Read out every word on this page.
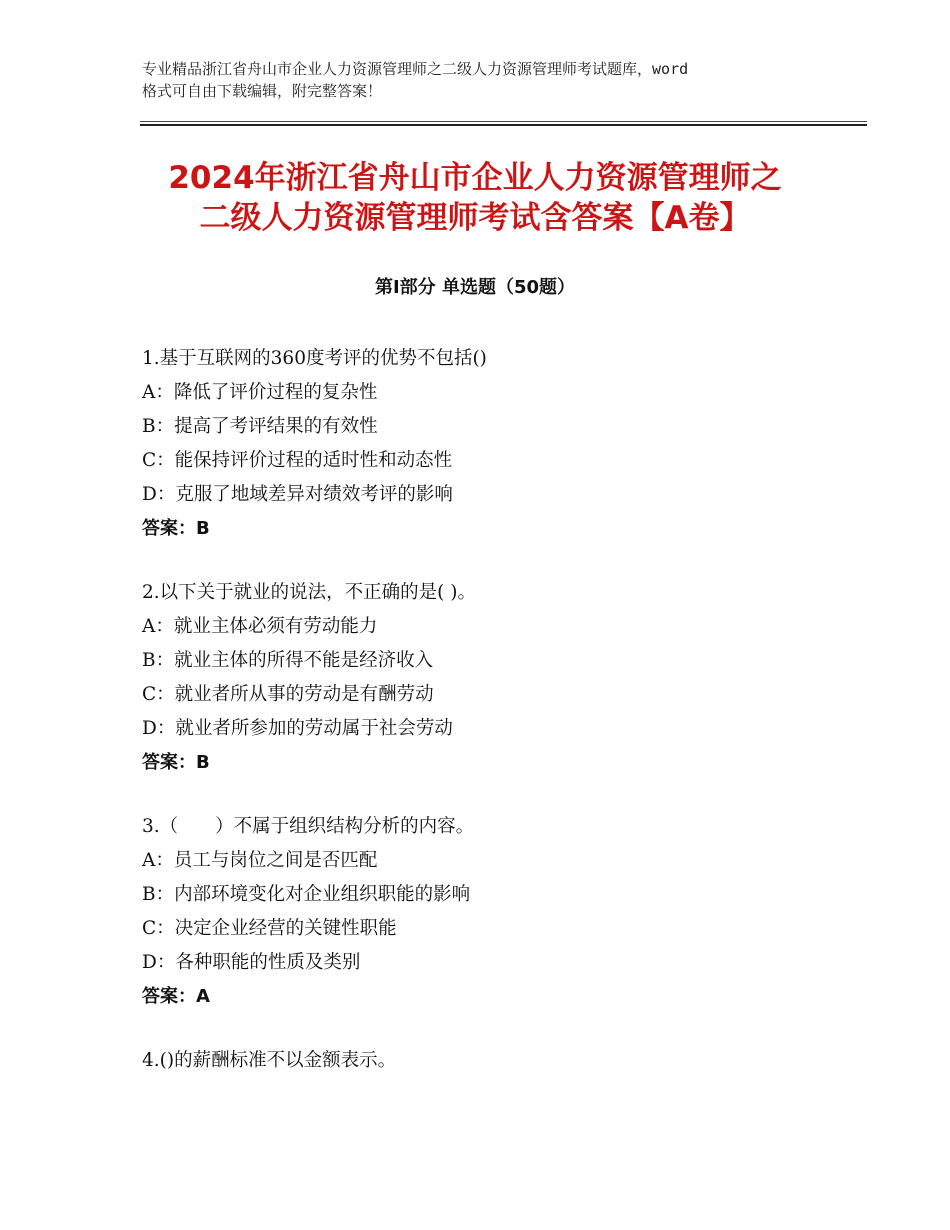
专业精品浙江省舟山市企业人力资源管理师之二级人力资源管理师考试题库，word

格式可自由下载编辑，附完整答案！

2024年浙江省舟山市企业人力资源管理师之
二级人力资源管理师考试含答案【A卷】
第Ⅰ部分 单选题（50题）
1.基于互联网的360度考评的优势不包括()
A：降低了评价过程的复杂性
B：提高了考评结果的有效性
C：能保持评价过程的适时性和动态性
D：克服了地域差异对绩效考评的影响
答案：B
2.以下关于就业的说法，不正确的是( )。
A：就业主体必须有劳动能力
B：就业主体的所得不能是经济收入
C：就业者所从事的劳动是有酬劳动
D：就业者所参加的劳动属于社会劳动
答案：B
3.（　　）不属于组织结构分析的内容。
A：员工与岗位之间是否匹配
B：内部环境变化对企业组织职能的影响
C：决定企业经营的关键性职能
D：各种职能的性质及类别
答案：A
4.()的薪酬标准不以金额表示。
